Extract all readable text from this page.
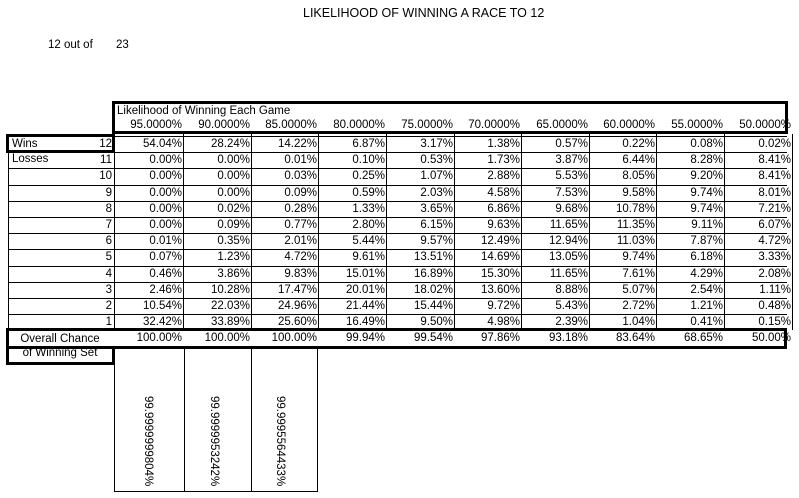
LIKELIHOOD OF WINNING A RACE TO 12
12 out of 23
95.0000%	90.0000%	85.0000%	80.0000%	75.0000%	70.0000%	65.0000%	60.0000%	55.0000%	50.0000%
12	54.04%	28.24%	14.22%	6.87%	3.17%	1.38%	0.57%	0.22%	0.08%	0.02%
11	0.00%	0.00%	0.01%	0.10%	0.53%	1.73%	3.87%	6.44%	8.28%	8.41%
10	0.00%	0.00%	0.03%	0.25%	1.07%	2.88%	5.53%	8.05%	9.20%	8.41%
9	0.00%	0.00%	0.09%	0.59%	2.03%	4.58%	7.53%	9.58%	9.74%	8.01%
8	0.00%	0.02%	0.28%	1.33%	3.65%	6.86%	9.68%	10.78%	9.74%	7.21%
7	0.00%	0.09%	0.77%	2.80%	6.15%	9.63%	11.65%	11.35%	9.11%	6.07%
6	0.01%	0.35%	2.01%	5.44%	9.57%	12.49%	12.94%	11.03%	7.87%	4.72%
5	0.07%	1.23%	4.72%	9.61%	13.51%	14.69%	13.05%	9.74%	6.18%	3.33%
4	0.46%	3.86%	9.83%	15.01%	16.89%	15.30%	11.65%	7.61%	4.29%	2.08%
3	2.46%	10.28%	17.47%	20.01%	18.02%	13.60%	8.88%	5.07%	2.54%	1.11%
2	10.54%	22.03%	24.96%	21.44%	15.44%	9.72%	5.43%	2.72%	1.21%	0.48%
1	32.42%	33.89%	25.60%	16.49%	9.50%	4.98%	2.39%	1.04%	0.41%	0.15%
100.00%	100.00%	100.00%	99.94%	99.54%	97.86%	93.18%	83.64%	68.65%	50.00%
Likelihood of Winning Each Game
Wins
Losses
Overall Chance
of Winning Set
99.9999999804%	99.9999953242%	99.9995564433%
